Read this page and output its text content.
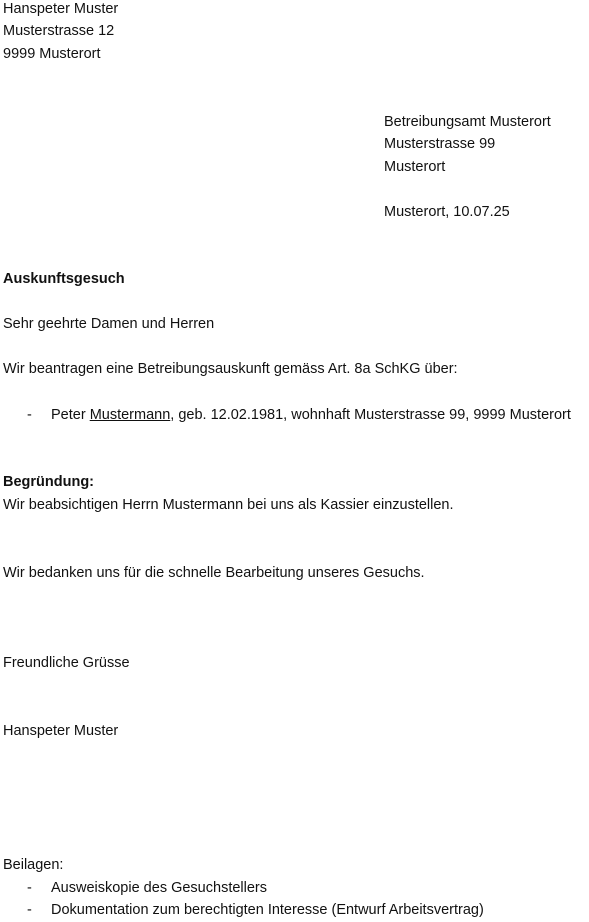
Hanspeter Muster
Musterstrasse 12
9999 Musterort
Betreibungsamt Musterort
Musterstrasse 99
Musterort
Musterort, 10.07.25
Auskunftsgesuch
Sehr geehrte Damen und Herren
Wir beantragen eine Betreibungsauskunft gemäss Art. 8a SchKG über:
- Peter Mustermann, geb. 12.02.1981, wohnhaft Musterstrasse 99, 9999 Musterort
Begründung:
Wir beabsichtigen Herrn Mustermann bei uns als Kassier einzustellen.
Wir bedanken uns für die schnelle Bearbeitung unseres Gesuchs.
Freundliche Grüsse
Hanspeter Muster
Beilagen:
- Ausweiskopie des Gesuchstellers
- Dokumentation zum berechtigten Interesse (Entwurf Arbeitsvertrag)
